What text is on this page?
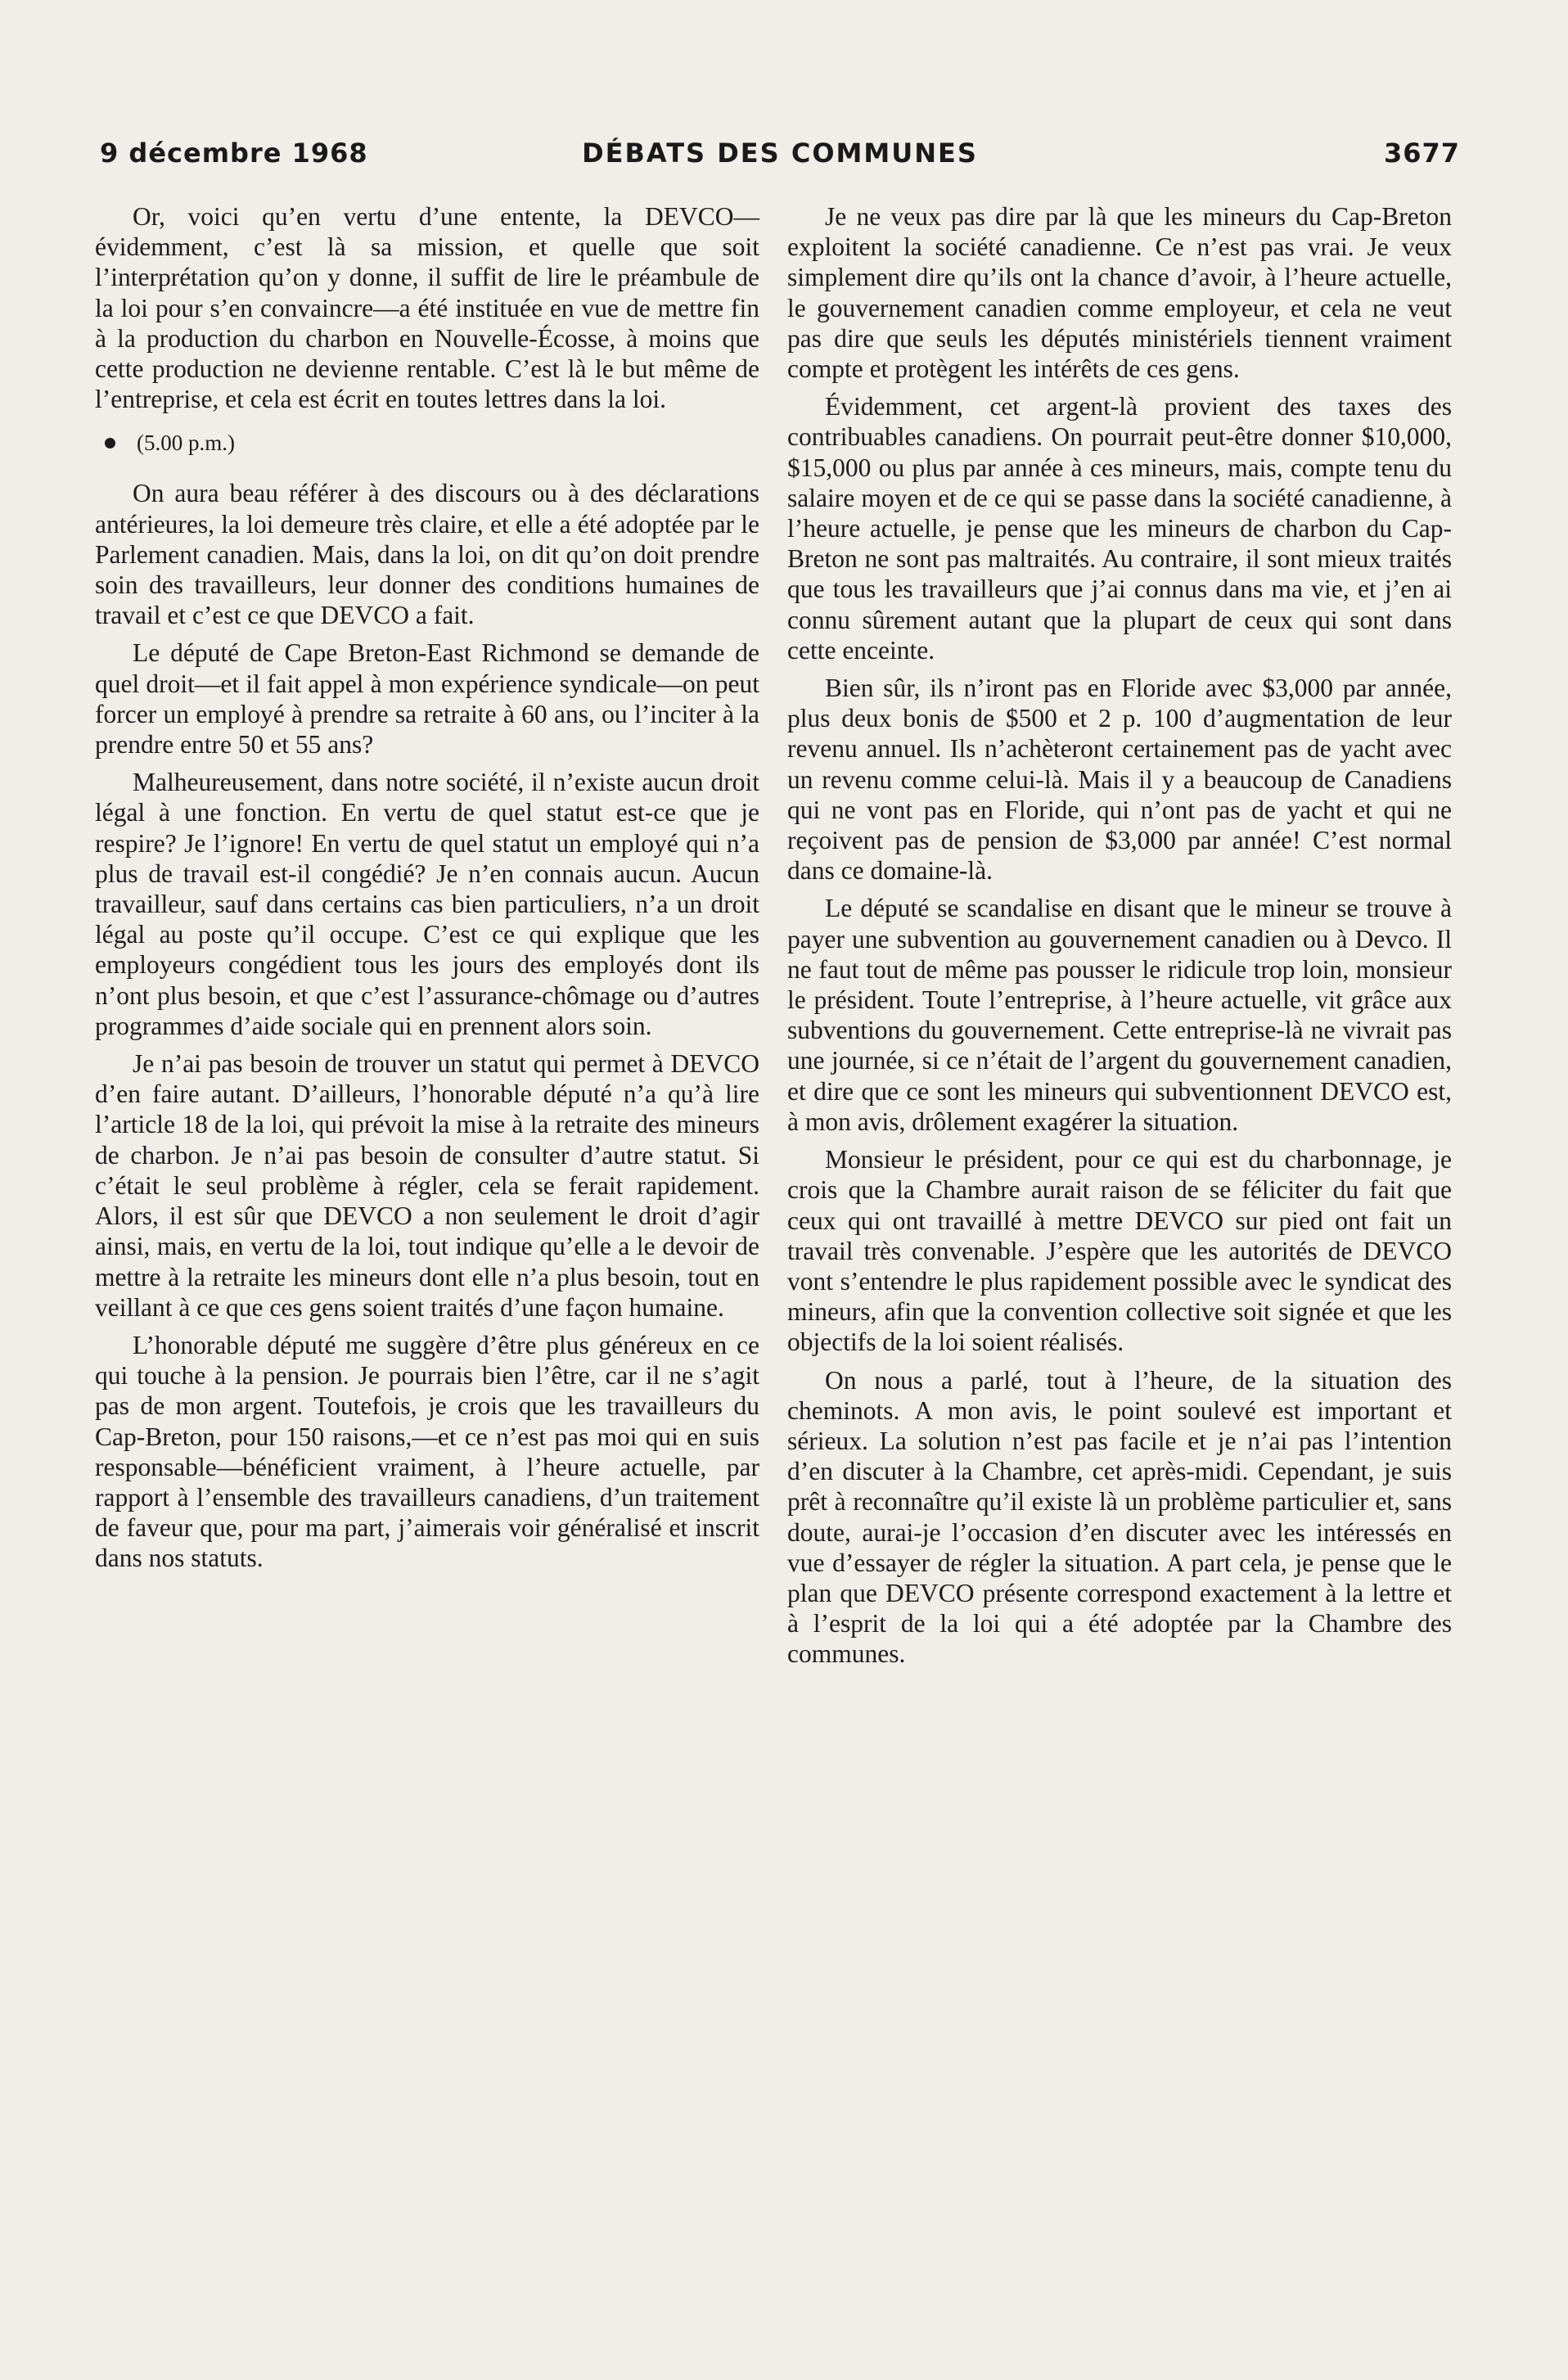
9 décembre 1968	DÉBATS DES COMMUNES	3677

Or, voici qu’en vertu d’une entente, la DEVCO—évidemment, c’est là sa mission, et quelle que soit l’interprétation qu’on y donne, il suffit de lire le préambule de la loi pour s’en convaincre—a été instituée en vue de mettre fin à la production du charbon en Nouvelle-Écosse, à moins que cette production ne devienne rentable. C’est là le but même de l’entreprise, et cela est écrit en toutes lettres dans la loi.

(5.00 p.m.)

On aura beau référer à des discours ou à des déclarations antérieures, la loi demeure très claire, et elle a été adoptée par le Parlement canadien. Mais, dans la loi, on dit qu’on doit prendre soin des travailleurs, leur donner des conditions humaines de travail et c’est ce que DEVCO a fait.

Le député de Cape Breton-East Richmond se demande de quel droit—et il fait appel à mon expérience syndicale—on peut forcer un employé à prendre sa retraite à 60 ans, ou l’inciter à la prendre entre 50 et 55 ans?

Malheureusement, dans notre société, il n’existe aucun droit légal à une fonction. En vertu de quel statut est-ce que je respire? Je l’ignore! En vertu de quel statut un employé qui n’a plus de travail est-il congédié? Je n’en connais aucun. Aucun travailleur, sauf dans certains cas bien particuliers, n’a un droit légal au poste qu’il occupe. C’est ce qui explique que les employeurs congédient tous les jours des employés dont ils n’ont plus besoin, et que c’est l’assurance-chômage ou d’autres programmes d’aide sociale qui en prennent alors soin.

Je n’ai pas besoin de trouver un statut qui permet à DEVCO d’en faire autant. D’ailleurs, l’honorable député n’a qu’à lire l’article 18 de la loi, qui prévoit la mise à la retraite des mineurs de charbon. Je n’ai pas besoin de consulter d’autre statut. Si c’était le seul problème à régler, cela se ferait rapidement. Alors, il est sûr que DEVCO a non seulement le droit d’agir ainsi, mais, en vertu de la loi, tout indique qu’elle a le devoir de mettre à la retraite les mineurs dont elle n’a plus besoin, tout en veillant à ce que ces gens soient traités d’une façon humaine.

L’honorable député me suggère d’être plus généreux en ce qui touche à la pension. Je pourrais bien l’être, car il ne s’agit pas de mon argent. Toutefois, je crois que les travailleurs du Cap-Breton, pour 150 raisons,—et ce n’est pas moi qui en suis responsable—bénéficient vraiment, à l’heure actuelle, par rapport à l’ensemble des travailleurs canadiens, d’un traitement de faveur que, pour ma part, j’aimerais voir généralisé et inscrit dans nos statuts.

Je ne veux pas dire par là que les mineurs du Cap-Breton exploitent la société canadienne. Ce n’est pas vrai. Je veux simplement dire qu’ils ont la chance d’avoir, à l’heure actuelle, le gouvernement canadien comme employeur, et cela ne veut pas dire que seuls les députés ministériels tiennent vraiment compte et protègent les intérêts de ces gens.

Évidemment, cet argent-là provient des taxes des contribuables canadiens. On pourrait peut-être donner $10,000, $15,000 ou plus par année à ces mineurs, mais, compte tenu du salaire moyen et de ce qui se passe dans la société canadienne, à l’heure actuelle, je pense que les mineurs de charbon du Cap-Breton ne sont pas maltraités. Au contraire, il sont mieux traités que tous les travailleurs que j’ai connus dans ma vie, et j’en ai connu sûrement autant que la plupart de ceux qui sont dans cette enceinte.

Bien sûr, ils n’iront pas en Floride avec $3,000 par année, plus deux bonis de $500 et 2 p. 100 d’augmentation de leur revenu annuel. Ils n’achèteront certainement pas de yacht avec un revenu comme celui-là. Mais il y a beaucoup de Canadiens qui ne vont pas en Floride, qui n’ont pas de yacht et qui ne reçoivent pas de pension de $3,000 par année! C’est normal dans ce domaine-là.

Le député se scandalise en disant que le mineur se trouve à payer une subvention au gouvernement canadien ou à Devco. Il ne faut tout de même pas pousser le ridicule trop loin, monsieur le président. Toute l’entreprise, à l’heure actuelle, vit grâce aux subventions du gouvernement. Cette entreprise-là ne vivrait pas une journée, si ce n’était de l’argent du gouvernement canadien, et dire que ce sont les mineurs qui subventionnent DEVCO est, à mon avis, drôlement exagérer la situation.

Monsieur le président, pour ce qui est du charbonnage, je crois que la Chambre aurait raison de se féliciter du fait que ceux qui ont travaillé à mettre DEVCO sur pied ont fait un travail très convenable. J’espère que les autorités de DEVCO vont s’entendre le plus rapidement possible avec le syndicat des mineurs, afin que la convention collective soit signée et que les objectifs de la loi soient réalisés.

On nous a parlé, tout à l’heure, de la situation des cheminots. A mon avis, le point soulevé est important et sérieux. La solution n’est pas facile et je n’ai pas l’intention d’en discuter à la Chambre, cet après-midi. Cependant, je suis prêt à reconnaître qu’il existe là un problème particulier et, sans doute, aurai-je l’occasion d’en discuter avec les intéressés en vue d’essayer de régler la situation. A part cela, je pense que le plan que DEVCO présente correspond exactement à la lettre et à l’esprit de la loi qui a été adoptée par la Chambre des communes.
